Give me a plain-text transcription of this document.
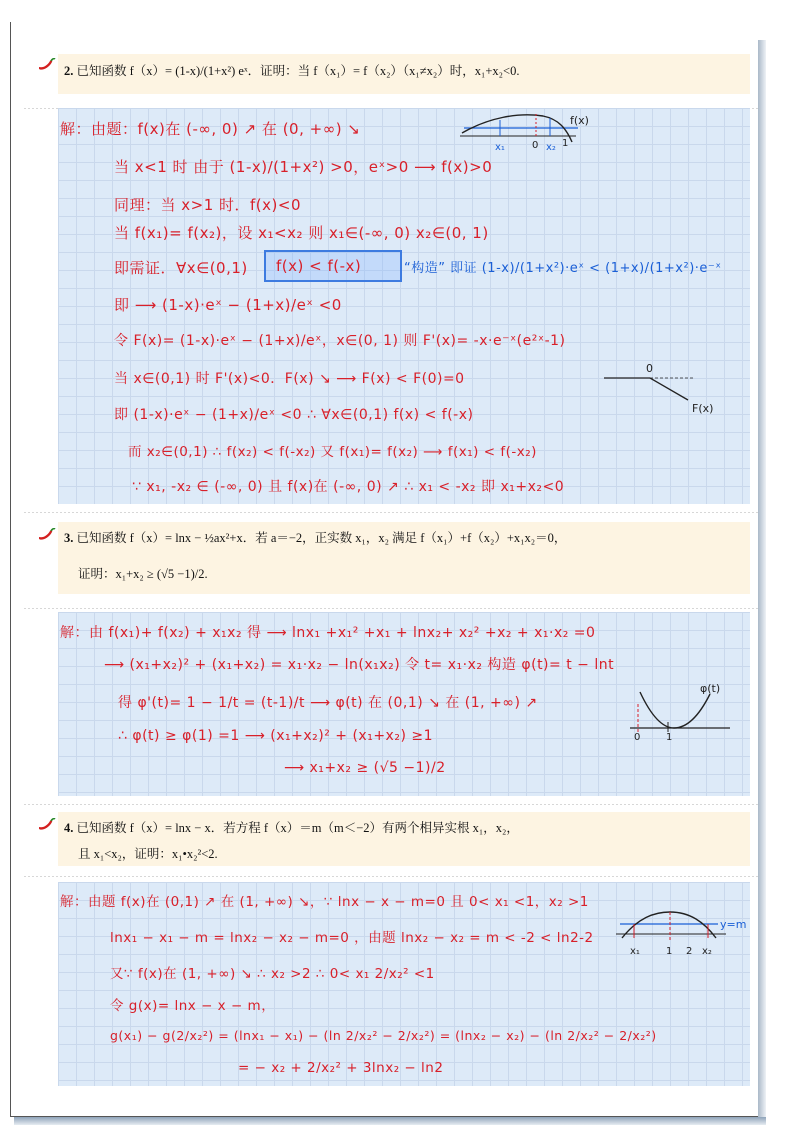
2. 已知函数 f（x）= (1-x)/(1+x²) eˣ．证明：当 f（x₁）= f（x₂）（x₁≠x₂）时，x₁+x₂<0.
解：由题：f(x)在 (-∞, 0) ↗ 在 (0, +∞) ↘
当 x<1 时 由于 (1-x)/(1+x²) >0，eˣ>0 ⟶ f(x)>0
同理：当 x>1 时．f(x)<0
当 f(x₁)= f(x₂)，设 x₁<x₂ 则 x₁∈(-∞, 0) x₂∈(0, 1)
即需证．∀x∈(0,1) f(x) < f(-x)	“构造” 即证 (1-x)/(1+x²)·eˣ < (1+x)/(1+x²)·e⁻ˣ
即 ⟶ (1-x)·eˣ − (1+x)/eˣ <0
令 F(x)= (1-x)·eˣ − (1+x)/eˣ，x∈(0, 1) 则 F'(x)= -x·e⁻ˣ(e²ˣ-1)
当 x∈(0,1) 时 F'(x)<0．F(x) ↘ ⟶ F(x) < F(0)=0
即 (1-x)·eˣ − (1+x)/eˣ <0 ∴ ∀x∈(0,1) f(x) < f(-x)
而 x₂∈(0,1) ∴ f(x₂) < f(-x₂) 又 f(x₁)= f(x₂) ⟶ f(x₁) < f(-x₂)
∵ x₁, -x₂ ∈ (-∞, 0) 且 f(x)在 (-∞, 0) ↗ ∴ x₁ < -x₂ 即 x₁+x₂<0
f(x)
x₁	0 x₂ 1
0
F(x)
3. 已知函数 f（x）= lnx − ½ax²+x．若 a＝−2，正实数 x₁，x₂ 满足 f（x₁）+f（x₂）+x₁x₂＝0，
证明：x₁+x₂ ≥ (√5 −1)/2.
解：由 f(x₁)+ f(x₂) + x₁x₂ 得 ⟶ lnx₁ +x₁² +x₁ + lnx₂+ x₂² +x₂ + x₁·x₂ =0
⟶ (x₁+x₂)² + (x₁+x₂) = x₁·x₂ − ln(x₁x₂) 令 t= x₁·x₂ 构造 φ(t)= t − lnt
得 φ'(t)= 1 − 1/t = (t-1)/t ⟶ φ(t) 在 (0,1) ↘ 在 (1, +∞) ↗
∴ φ(t) ≥ φ(1) =1 ⟶ (x₁+x₂)² + (x₁+x₂) ≥1
⟶ x₁+x₂ ≥ (√5 −1)/2
φ(t)
0	1
4. 已知函数 f（x）= lnx − x．若方程 f（x）＝m（m＜−2）有两个相异实根 x₁，x₂，
且 x₁<x₂，证明：x₁•x₂²<2.
解：由题 f(x)在 (0,1) ↗ 在 (1, +∞) ↘，∵ lnx − x − m=0 且 0< x₁ <1，x₂ >1
lnx₁ − x₁ − m = lnx₂ − x₂ − m=0 ，由题 lnx₂ − x₂ = m < -2 < ln2-2
又∵ f(x)在 (1, +∞) ↘ ∴ x₂ >2 ∴ 0< x₁ 2/x₂² <1
令 g(x)= lnx − x − m，
g(x₁) − g(2/x₂²) = (lnx₁ − x₁) − (ln 2/x₂² − 2/x₂²) = (lnx₂ − x₂) − (ln 2/x₂² − 2/x₂²)
= − x₂ + 2/x₂² + 3lnx₂ − ln2
y=m
x₁	1 2 x₂
